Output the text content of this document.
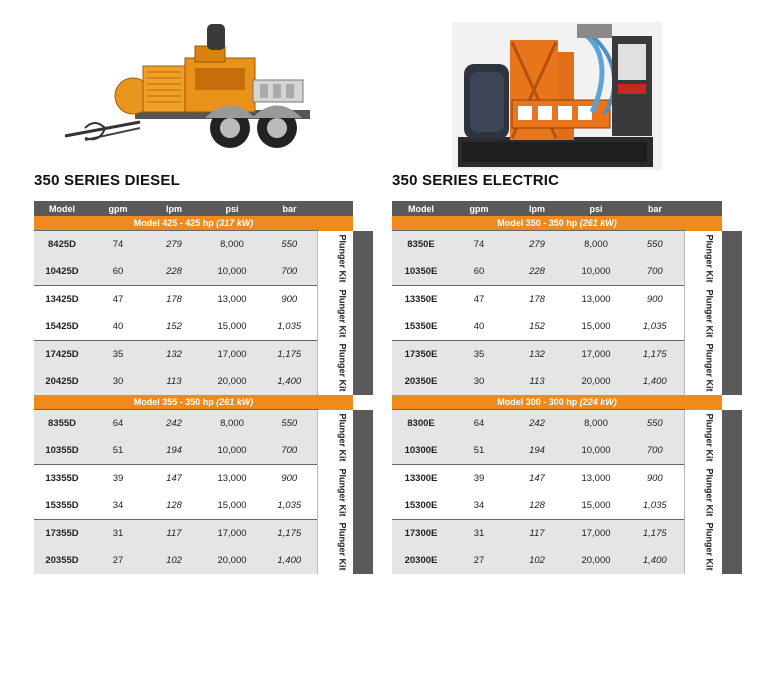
350 SERIES DIESEL	350 SERIES ELECTRIC
Model	gpm	lpm	psi	bar		
Model 425 - 425 hp (317 kW)						
8425D	74	279	8,000	550	Plunger Kit	Conversion Kit
10425D	60	228	10,000	700		
13425D	47	178	13,000	900	Plunger Kit	
15425D	40	152	15,000	1,035		
17425D	35	132	17,000	1,175	Plunger Kit	
20425D	30	113	20,000	1,400		
Model 355 - 350 hp (261 kW)						
8355D	64	242	8,000	550	Plunger Kit	Conversion Kit
10355D	51	194	10,000	700		
13355D	39	147	13,000	900	Plunger Kit	
15355D	34	128	15,000	1,035		
17355D	31	117	17,000	1,175	Plunger Kit	
20355D	27	102	20,000	1,400		
Model	gpm	lpm	psi	bar		
Model 350 - 350 hp (261 kW)						
8350E	74	279	8,000	550	Plunger Kit	Conversion Kit
10350E	60	228	10,000	700		
13350E	47	178	13,000	900	Plunger Kit	
15350E	40	152	15,000	1,035		
17350E	35	132	17,000	1,175	Plunger Kit	
20350E	30	113	20,000	1,400		
Model 300 - 300 hp (224 kW)						
8300E	64	242	8,000	550	Plunger Kit	Conversion Kit
10300E	51	194	10,000	700		
13300E	39	147	13,000	900	Plunger Kit	
15300E	34	128	15,000	1,035		
17300E	31	117	17,000	1,175	Plunger Kit	
20300E	27	102	20,000	1,400		
